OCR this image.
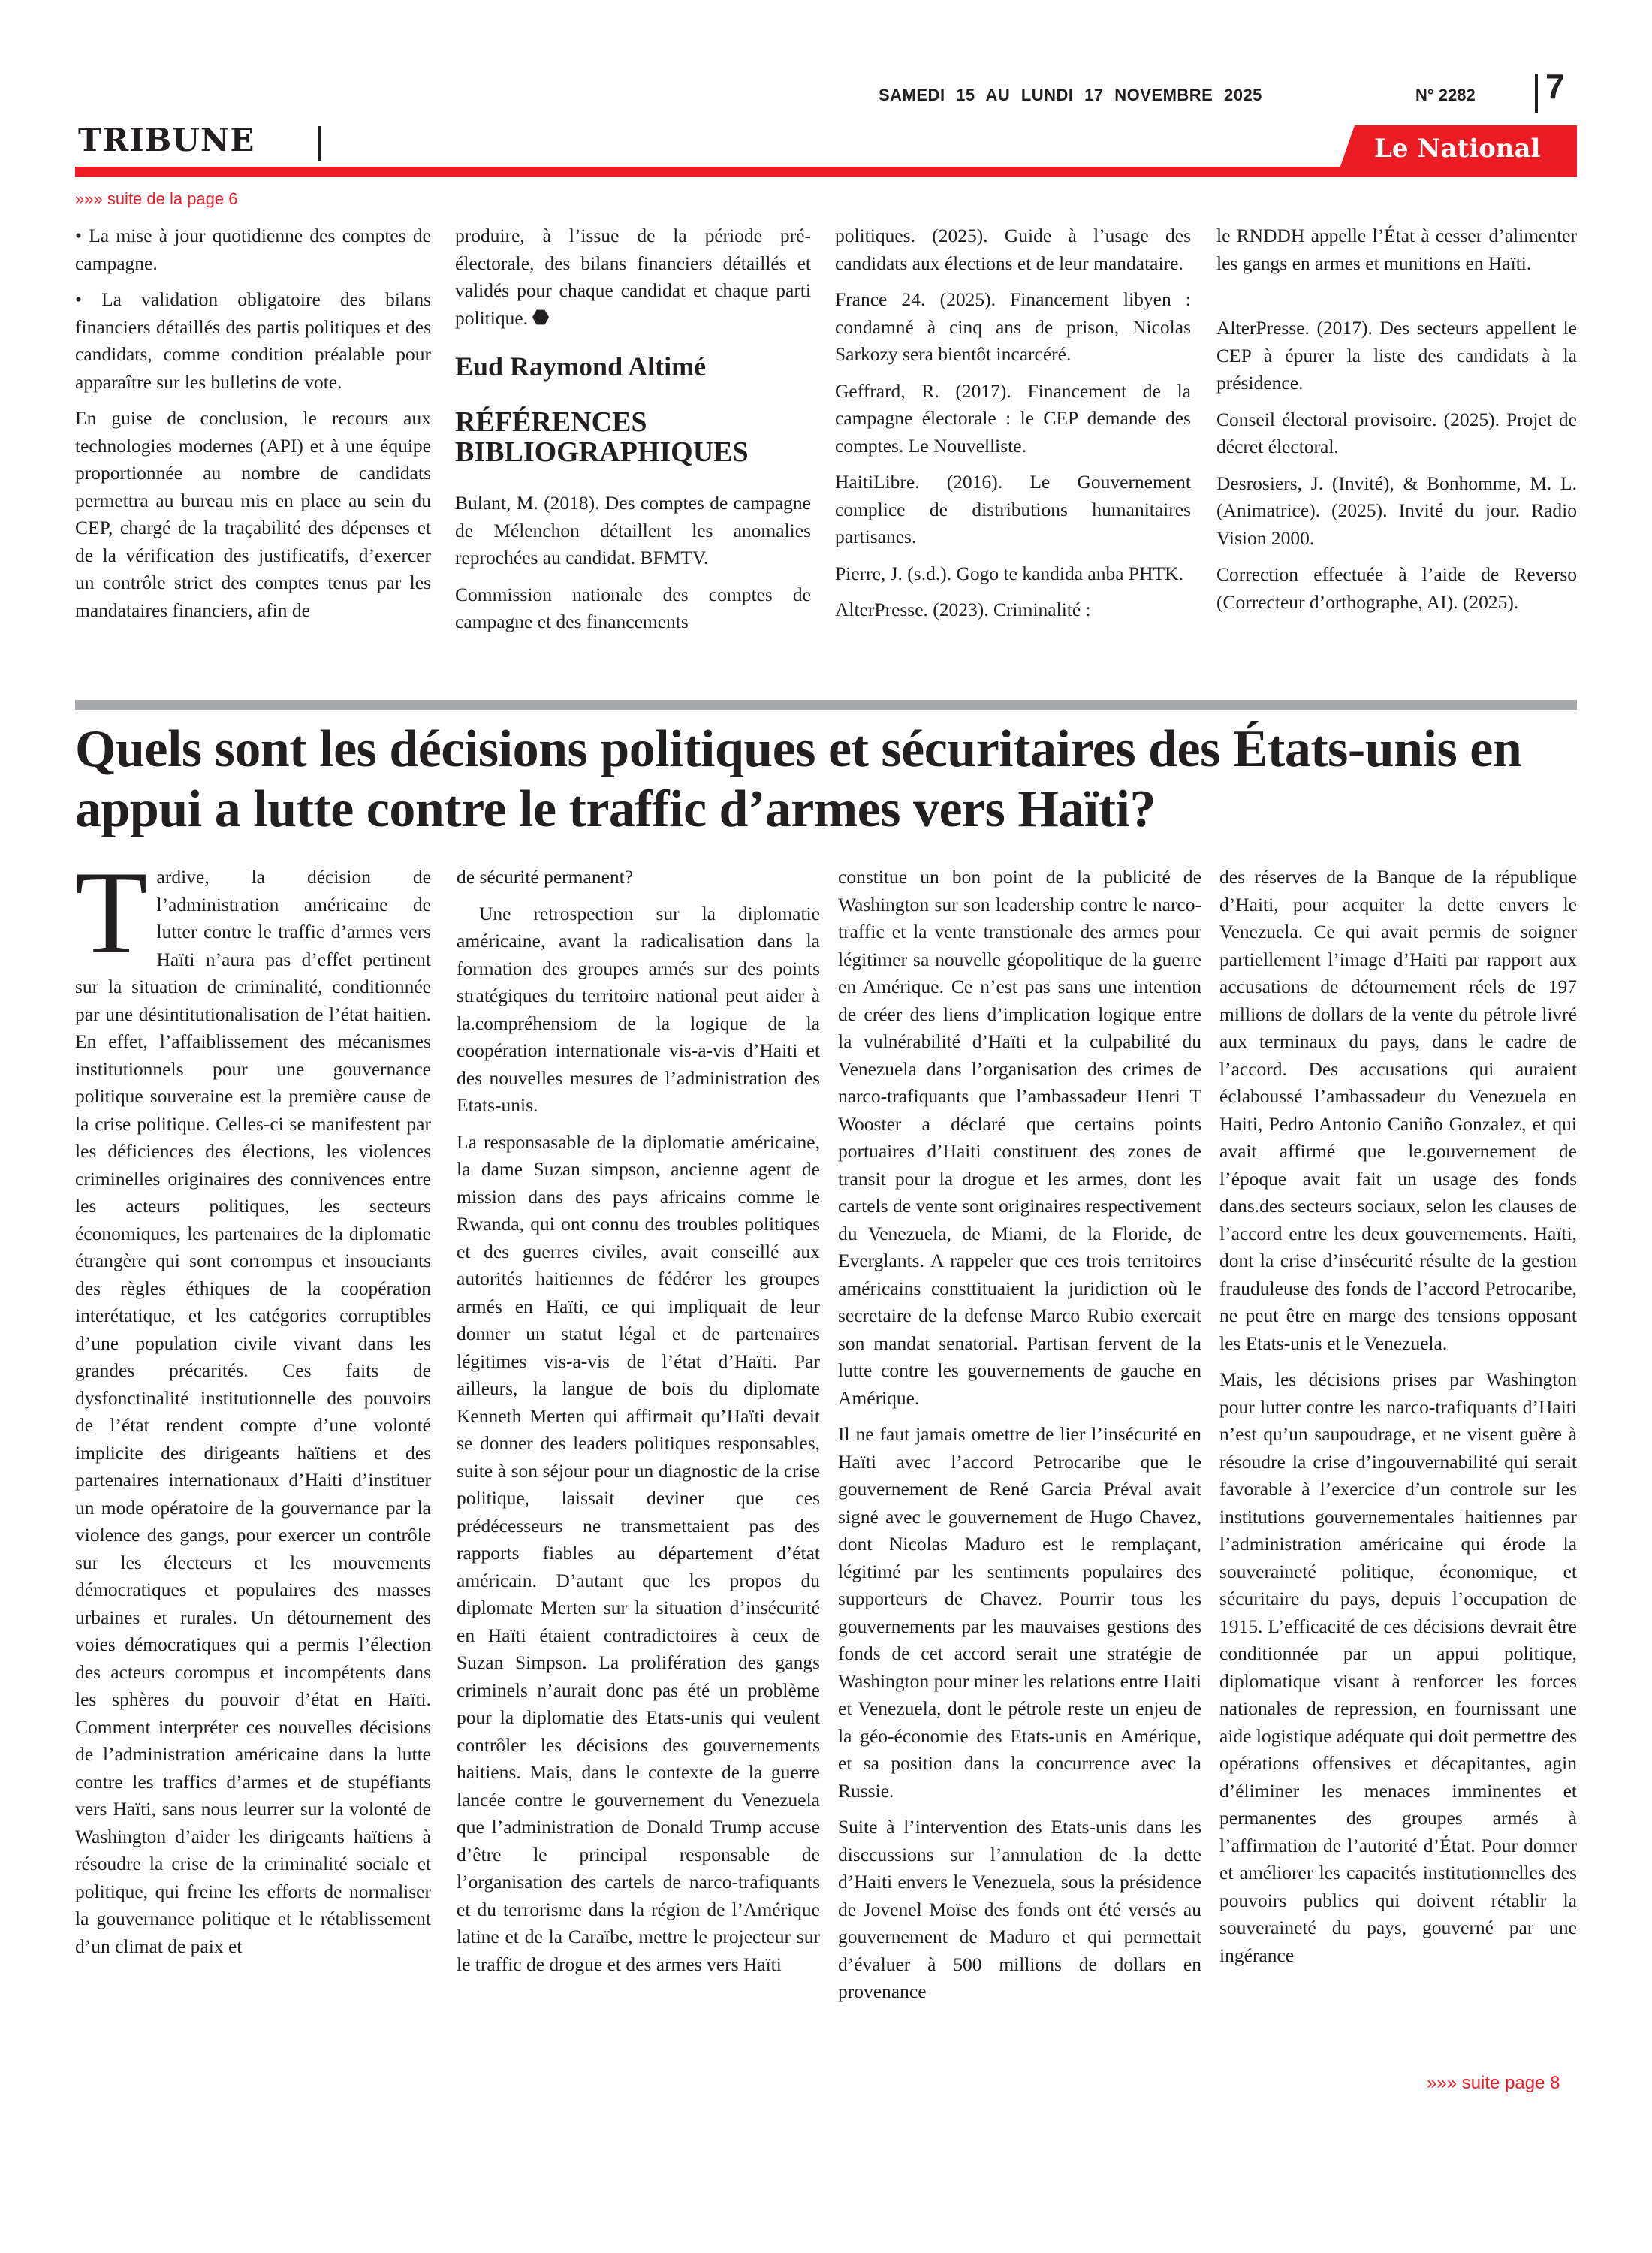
SAMEDI 15 AU LUNDI 17 NOVEMBRE 2025	N° 2282 7
TRIBUNE	Le National
»»» suite de la page 6

• La mise à jour quotidienne des comptes de campagne.

• La validation obligatoire des bilans financiers détaillés des partis politiques et des candidats, comme condition préalable pour apparaître sur les bulletins de vote.

En guise de conclusion, le recours aux technologies modernes (API) et à une équipe proportionnée au nombre de candidats permettra au bureau mis en place au sein du CEP, chargé de la traçabilité des dépenses et de la vérification des justificatifs, d’exercer un contrôle strict des comptes tenus par les mandataires financiers, afin de

produire, à l’issue de la période pré-électorale, des bilans financiers détaillés et validés pour chaque candidat et chaque parti politique.

Eud Raymond Altimé
RÉFÉRENCES BIBLIOGRAPHIQUES

Bulant, M. (2018). Des comptes de campagne de Mélenchon détaillent les anomalies reprochées au candidat. BFMTV.

Commission nationale des comptes de campagne et des financements

politiques. (2025). Guide à l’usage des candidats aux élections et de leur mandataire.

France 24. (2025). Financement libyen : condamné à cinq ans de prison, Nicolas Sarkozy sera bientôt incarcéré.

Geffrard, R. (2017). Financement de la campagne électorale : le CEP demande des comptes. Le Nouvelliste.

HaitiLibre. (2016). Le Gouvernement complice de distributions humanitaires partisanes.

Pierre, J. (s.d.). Gogo te kandida anba PHTK.

AlterPresse. (2023). Criminalité :

le RNDDH appelle l’État à cesser d’alimenter les gangs en armes et munitions en Haïti.

AlterPresse. (2017). Des secteurs appellent le CEP à épurer la liste des candidats à la présidence.

Conseil électoral provisoire. (2025). Projet de décret électoral.

Desrosiers, J. (Invité), & Bonhomme, M. L. (Animatrice). (2025). Invité du jour. Radio Vision 2000.

Correction effectuée à l’aide de Reverso (Correcteur d’orthographe, AI). (2025).

Quels sont les décisions politiques et sécuritaires des États-unis en appui a lutte contre le traffic d’armes vers Haïti?

Tardive, la décision de l’administration américaine de lutter contre le traffic d’armes vers Haïti n’aura pas d’effet pertinent sur la situation de criminalité, conditionnée par une désintitutionalisation de l’état haitien. En effet, l’affaiblissement des mécanismes institutionnels pour une gouvernance politique souveraine est la première cause de la crise politique. Celles-ci se manifestent par les déficiences des élections, les violences criminelles originaires des connivences entre les acteurs politiques, les secteurs économiques, les partenaires de la diplomatie étrangère qui sont corrompus et insouciants des règles éthiques de la coopération interétatique, et les catégories corruptibles d’une population civile vivant dans les grandes précarités. Ces faits de dysfonctinalité institutionnelle des pouvoirs de l’état rendent compte d’une volonté implicite des dirigeants haïtiens et des partenaires internationaux d’Haiti d’instituer un mode opératoire de la gouvernance par la violence des gangs, pour exercer un contrôle sur les électeurs et les mouvements démocratiques et populaires des masses urbaines et rurales. Un détournement des voies démocratiques qui a permis l’élection des acteurs corompus et incompétents dans les sphères du pouvoir d’état en Haïti. Comment interpréter ces nouvelles décisions de l’administration américaine dans la lutte contre les traffics d’armes et de stupéfiants vers Haïti, sans nous leurrer sur la volonté de Washington d’aider les dirigeants haïtiens à résoudre la crise de la criminalité sociale et politique, qui freine les efforts de normaliser la gouvernance politique et le rétablissement d’un climat de paix et

de sécurité permanent?

Une retrospection sur la diplomatie américaine, avant la radicalisation dans la formation des groupes armés sur des points stratégiques du territoire national peut aider à la.compréhensiom de la logique de la coopération internationale vis-a-vis d’Haiti et des nouvelles mesures de l’administration des Etats-unis.

La responsasable de la diplomatie américaine, la dame Suzan simpson, ancienne agent de mission dans des pays africains comme le Rwanda, qui ont connu des troubles politiques et des guerres civiles, avait conseillé aux autorités haitiennes de fédérer les groupes armés en Haïti, ce qui impliquait de leur donner un statut légal et de partenaires légitimes vis-a-vis de l’état d’Haïti. Par ailleurs, la langue de bois du diplomate Kenneth Merten qui affirmait qu’Haïti devait se donner des leaders politiques responsables, suite à son séjour pour un diagnostic de la crise politique, laissait deviner que ces prédécesseurs ne transmettaient pas des rapports fiables au département d’état américain. D’autant que les propos du diplomate Merten sur la situation d’insécurité en Haïti étaient contradictoires à ceux de Suzan Simpson. La prolifération des gangs criminels n’aurait donc pas été un problème pour la diplomatie des Etats-unis qui veulent contrôler les décisions des gouvernements haitiens. Mais, dans le contexte de la guerre lancée contre le gouvernement du Venezuela que l’administration de Donald Trump accuse d’être le principal responsable de l’organisation des cartels de narco-trafiquants et du terrorisme dans la région de l’Amérique latine et de la Caraïbe, mettre le projecteur sur le traffic de drogue et des armes vers Haïti

constitue un bon point de la publicité de Washington sur son leadership contre le narco-traffic et la vente transtionale des armes pour légitimer sa nouvelle géopolitique de la guerre en Amérique. Ce n’est pas sans une intention de créer des liens d’implication logique entre la vulnérabilité d’Haïti et la culpabilité du Venezuela dans l’organisation des crimes de narco-trafiquants que l’ambassadeur Henri T Wooster a déclaré que certains points portuaires d’Haiti constituent des zones de transit pour la drogue et les armes, dont les cartels de vente sont originaires respectivement du Venezuela, de Miami, de la Floride, de Everglants. A rappeler que ces trois territoires américains consttituaient la juridiction où le secretaire de la defense Marco Rubio exercait son mandat senatorial. Partisan fervent de la lutte contre les gouvernements de gauche en Amérique.

Il ne faut jamais omettre de lier l’insécurité en Haïti avec l’accord Petrocaribe que le gouvernement de René Garcia Préval avait signé avec le gouvernement de Hugo Chavez, dont Nicolas Maduro est le remplaçant, légitimé par les sentiments populaires des supporteurs de Chavez. Pourrir tous les gouvernements par les mauvaises gestions des fonds de cet accord serait une stratégie de Washington pour miner les relations entre Haiti et Venezuela, dont le pétrole reste un enjeu de la géo-économie des Etats-unis en Amérique, et sa position dans la concurrence avec la Russie.

Suite à l’intervention des Etats-unis dans les disccussions sur l’annulation de la dette d’Haiti envers le Venezuela, sous la présidence de Jovenel Moïse des fonds ont été versés au gouvernement de Maduro et qui permettait d’évaluer à 500 millions de dollars en provenance

des réserves de la Banque de la république d’Haiti, pour acquiter la dette envers le Venezuela. Ce qui avait permis de soigner partiellement l’image d’Haiti par rapport aux accusations de détournement réels de 197 millions de dollars de la vente du pétrole livré aux terminaux du pays, dans le cadre de l’accord. Des accusations qui auraient éclaboussé l’ambassadeur du Venezuela en Haiti, Pedro Antonio Caniño Gonzalez, et qui avait affirmé que le.gouvernement de l’époque avait fait un usage des fonds dans.des secteurs sociaux, selon les clauses de l’accord entre les deux gouvernements. Haïti, dont la crise d’insécurité résulte de la gestion frauduleuse des fonds de l’accord Petrocaribe, ne peut être en marge des tensions opposant les Etats-unis et le Venezuela.

Mais, les décisions prises par Washington pour lutter contre les narco-trafiquants d’Haiti n’est qu’un saupoudrage, et ne visent guère à résoudre la crise d’ingouvernabilité qui serait favorable à l’exercice d’un controle sur les institutions gouvernementales haitiennes par l’administration américaine qui érode la souveraineté politique, économique, et sécuritaire du pays, depuis l’occupation de 1915. L’efficacité de ces décisions devrait être conditionnée par un appui politique, diplomatique visant à renforcer les forces nationales de repression, en fournissant une aide logistique adéquate qui doit permettre des opérations offensives et décapitantes, agin d’éliminer les menaces imminentes et permanentes des groupes armés à l’affirmation de l’autorité d’État. Pour donner et améliorer les capacités institutionnelles des pouvoirs publics qui doivent rétablir la souveraineté du pays, gouverné par une ingérance

»»» suite page 8
